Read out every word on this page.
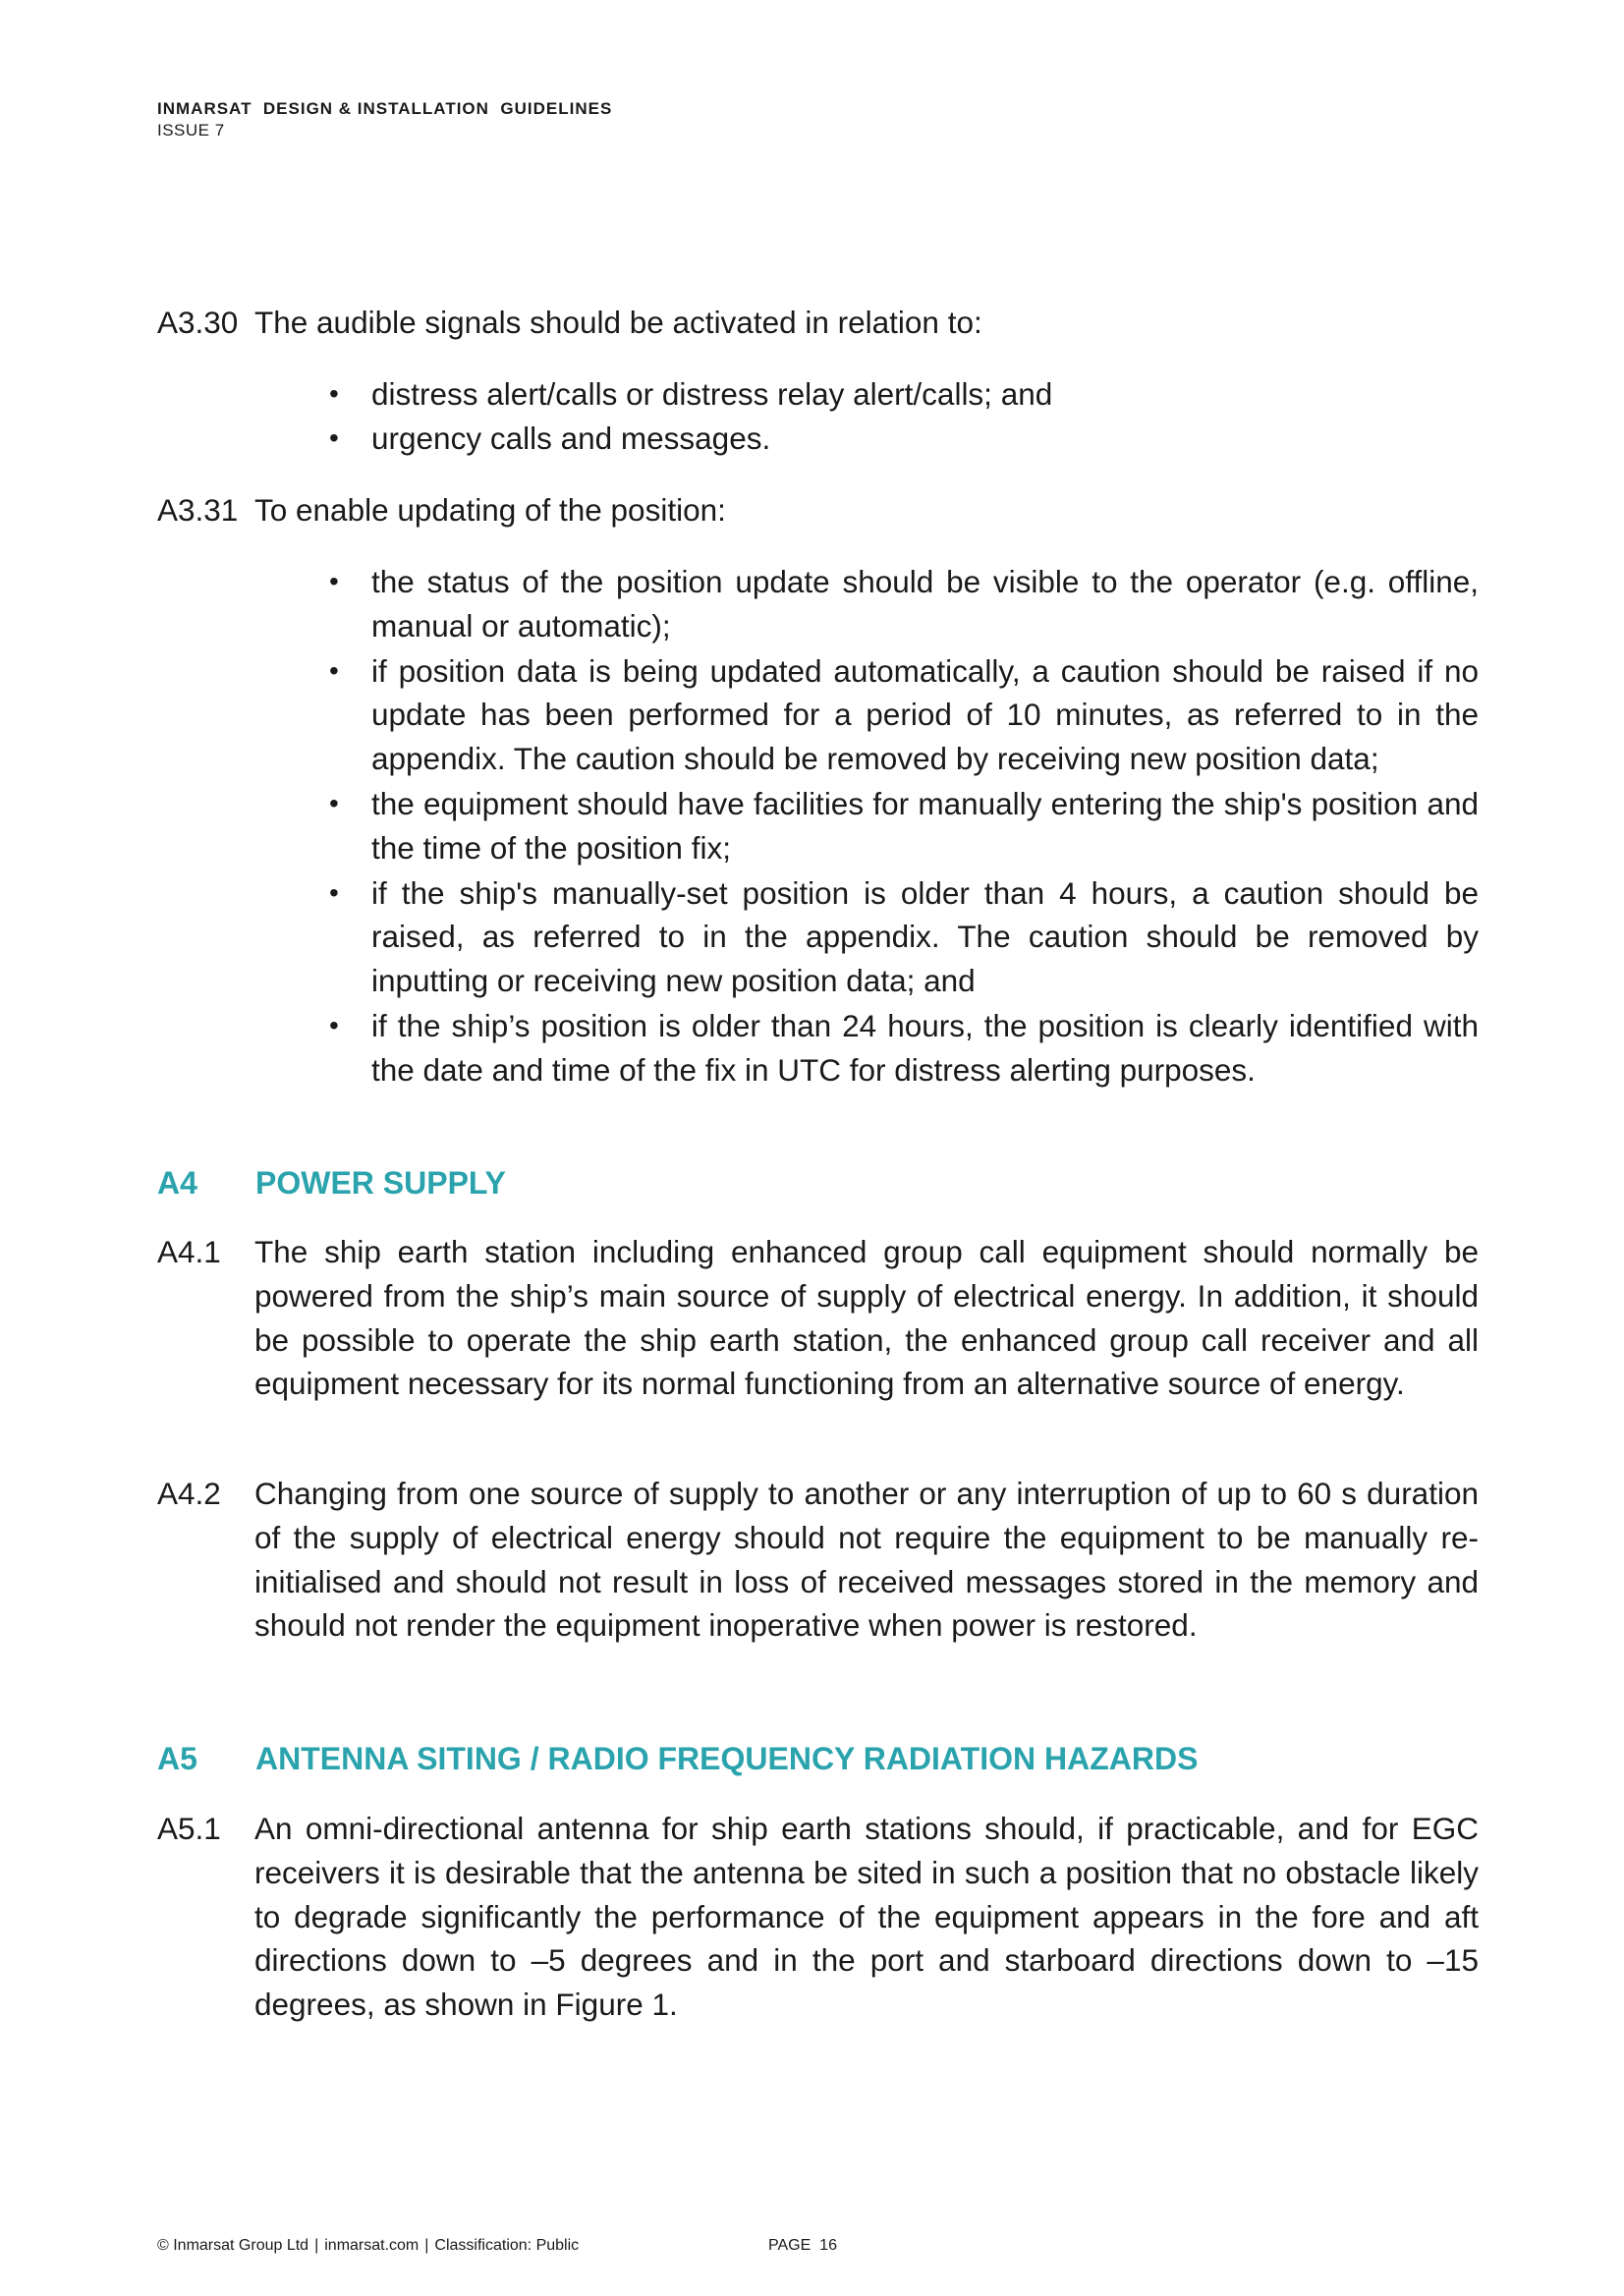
INMARSAT  DESIGN & INSTALLATION  GUIDELINES
ISSUE 7
A3.30 The audible signals should be activated in relation to:
• distress alert/calls or distress relay alert/calls; and
• urgency calls and messages.
A3.31 To enable updating of the position:
• the status of the position update should be visible to the operator (e.g. offline, manual or automatic);
• if position data is being updated automatically, a caution should be raised if no update has been performed for a period of 10 minutes, as referred to in the appendix. The caution should be removed by receiving new position data;
• the equipment should have facilities for manually entering the ship's position and the time of the position fix;
• if the ship's manually-set position is older than 4 hours, a caution should be raised, as referred to in the appendix. The caution should be removed by inputting or receiving new position data; and
• if the ship’s position is older than 24 hours, the position is clearly identified with the date and time of the fix in UTC for distress alerting purposes.
A4 POWER SUPPLY
A4.1 The ship earth station including enhanced group call equipment should normally be powered from the ship’s main source of supply of electrical energy. In addition, it should be possible to operate the ship earth station, the enhanced group call receiver and all equipment necessary for its normal functioning from an alternative source of energy.
A4.2 Changing from one source of supply to another or any interruption of up to 60 s duration of the supply of electrical energy should not require the equipment to be manually re-initialised and should not result in loss of received messages stored in the memory and should not render the equipment inoperative when power is restored.
A5 ANTENNA SITING / RADIO FREQUENCY RADIATION HAZARDS
A5.1 An omni-directional antenna for ship earth stations should, if practicable, and for EGC receivers it is desirable that the antenna be sited in such a position that no obstacle likely to degrade significantly the performance of the equipment appears in the fore and aft directions down to –5 degrees and in the port and starboard directions down to –15 degrees, as shown in Figure 1.
© Inmarsat Group Ltd | inmarsat.com | Classification: Public	PAGE  16
